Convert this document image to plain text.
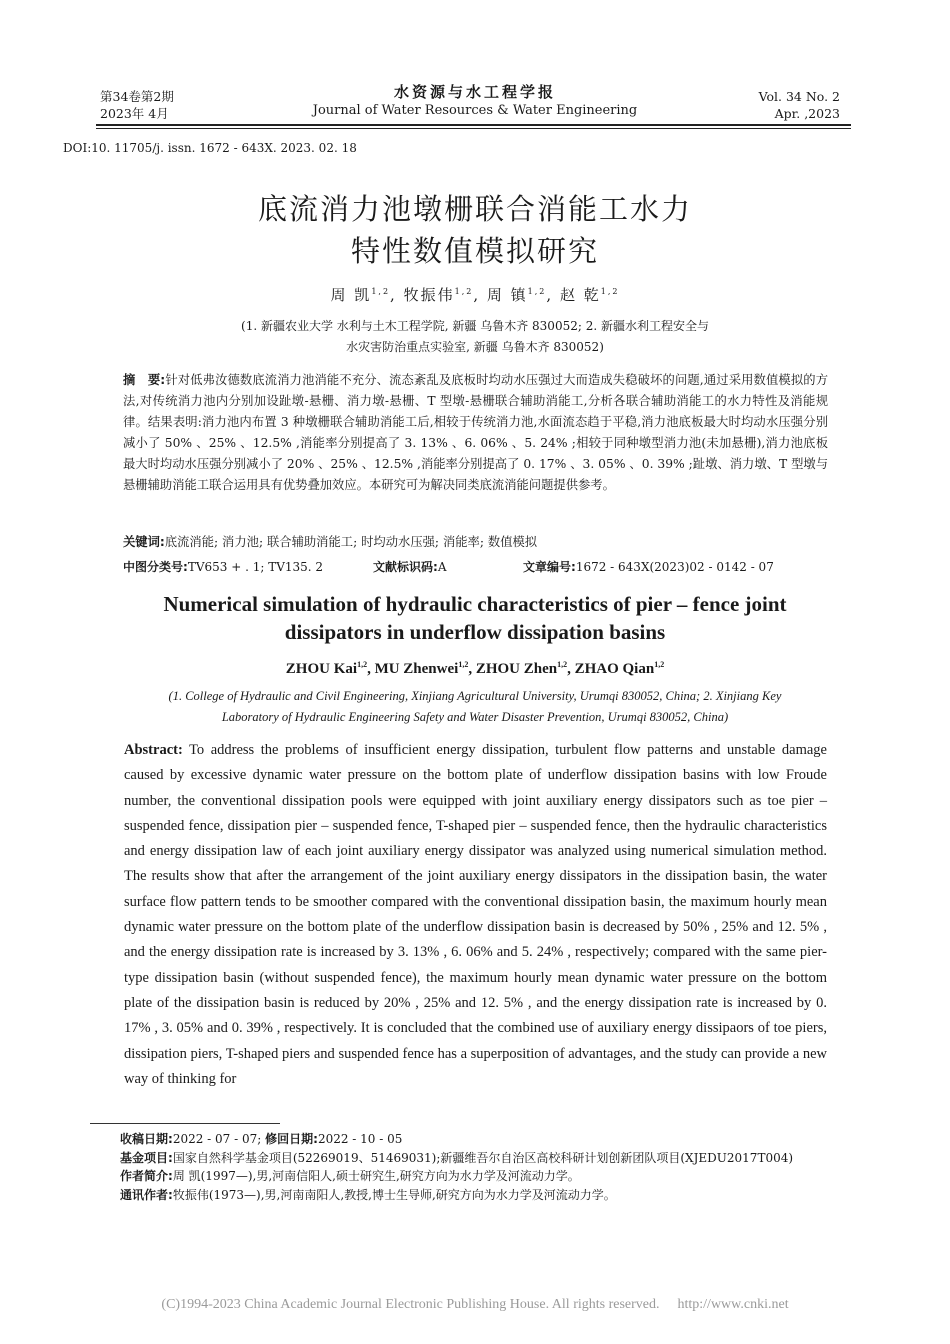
第34卷第2期
2023年 4月
水资源与水工程学报
Journal of Water Resources & Water Engineering
Vol. 34 No. 2
Apr. ,2023
DOI:10. 11705/j. issn. 1672 - 643X. 2023. 02. 18
底流消力池墩栅联合消能工水力
特性数值模拟研究
周 凯$^{1,2}$, 牧振伟$^{1,2}$, 周 镇$^{1,2}$, 赵 乾$^{1,2}$
(1. 新疆农业大学 水利与土木工程学院, 新疆 乌鲁木齐 830052; 2. 新疆水利工程安全与
水灾害防治重点实验室, 新疆 乌鲁木齐 830052)
摘　要:针对低弗汝德数底流消力池消能不充分、流态紊乱及底板时均动水压强过大而造成失稳破坏的问题,通过采用数值模拟的方法,对传统消力池内分别加设趾墩-悬栅、消力墩-悬栅、T 型墩-悬栅联合辅助消能工,分析各联合辅助消能工的水力特性及消能规律。结果表明:消力池内布置 3 种墩栅联合辅助消能工后,相较于传统消力池,水面流态趋于平稳,消力池底板最大时均动水压强分别减小了 50% 、25% 、12.5% ,消能率分别提高了 3. 13% 、6. 06% 、5. 24% ;相较于同种墩型消力池(未加悬栅),消力池底板最大时均动水压强分别减小了 20% 、25% 、12.5% ,消能率分别提高了 0. 17% 、3. 05% 、0. 39% ;趾墩、消力墩、T 型墩与悬栅辅助消能工联合运用具有优势叠加效应。本研究可为解决同类底流消能问题提供参考。
关键词:底流消能; 消力池; 联合辅助消能工; 时均动水压强; 消能率; 数值模拟
中图分类号:TV653 + . 1; TV135. 2	文献标识码:A	文章编号:1672 - 643X(2023)02 - 0142 - 07
Numerical simulation of hydraulic characteristics of pier – fence joint
dissipators in underflow dissipation basins
ZHOU Kai$^{1,2}$, MU Zhenwei$^{1,2}$, ZHOU Zhen$^{1,2}$, ZHAO Qian$^{1,2}$
(1. College of Hydraulic and Civil Engineering, Xinjiang Agricultural University, Urumqi 830052, China; 2. Xinjiang Key
Laboratory of Hydraulic Engineering Safety and Water Disaster Prevention, Urumqi 830052, China)
Abstract: To address the problems of insufficient energy dissipation, turbulent flow patterns and unstable damage caused by excessive dynamic water pressure on the bottom plate of underflow dissipation basins with low Froude number, the conventional dissipation pools were equipped with joint auxiliary energy dissipators such as toe pier – suspended fence, dissipation pier – suspended fence, T-shaped pier – suspended fence, then the hydraulic characteristics and energy dissipation law of each joint auxiliary energy dissipator was analyzed using numerical simulation method. The results show that after the arrangement of the joint auxiliary energy dissipators in the dissipation basin, the water surface flow pattern tends to be smoother compared with the conventional dissipation basin, the maximum hourly mean dynamic water pressure on the bottom plate of the underflow dissipation basin is decreased by 50% , 25% and 12. 5% , and the energy dissipation rate is increased by 3. 13% , 6. 06% and 5. 24% , respectively; compared with the same pier-type dissipation basin (without suspended fence), the maximum hourly mean dynamic water pressure on the bottom plate of the dissipation basin is reduced by 20% , 25% and 12. 5% , and the energy dissipation rate is increased by 0. 17% , 3. 05% and 0. 39% , respectively. It is concluded that the combined use of auxiliary energy dissipaors of toe piers, dissipation piers, T-shaped piers and suspended fence has a superposition of advantages, and the study can provide a new way of thinking for
收稿日期:2022 - 07 - 07; 修回日期:2022 - 10 - 05
基金项目:国家自然科学基金项目(52269019、51469031);新疆维吾尔自治区高校科研计划创新团队项目(XJEDU2017T004)
作者简介:周 凯(1997—),男,河南信阳人,硕士研究生,研究方向为水力学及河流动力学。
通讯作者:牧振伟(1973—),男,河南南阳人,教授,博士生导师,研究方向为水力学及河流动力学。
(C)1994-2023 China Academic Journal Electronic Publishing House. All rights reserved. http://www.cnki.net
